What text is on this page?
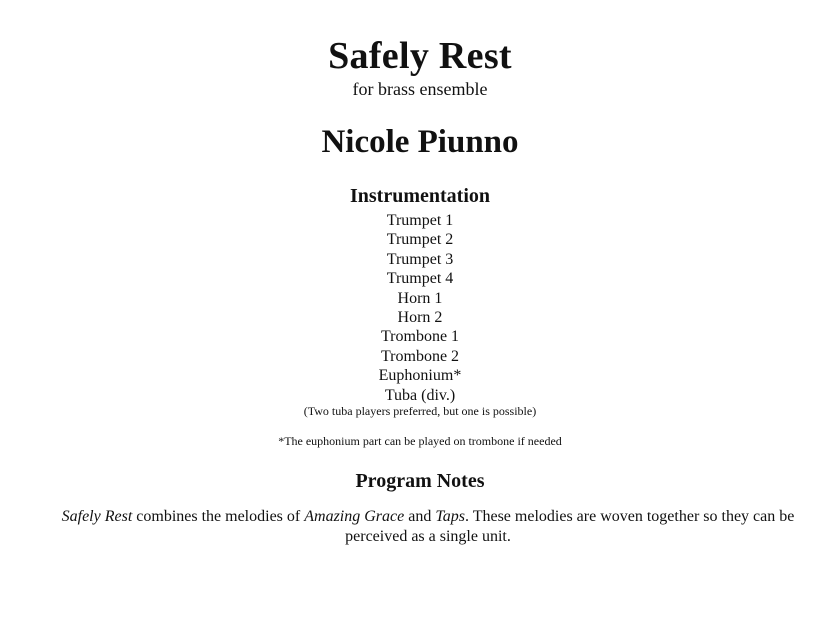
Safely Rest
for brass ensemble
Nicole Piunno
Instrumentation
Trumpet 1
Trumpet 2
Trumpet 3
Trumpet 4
Horn 1
Horn 2
Trombone 1
Trombone 2
Euphonium*
Tuba (div.)
(Two tuba players preferred, but one is possible)
*The euphonium part can be played on trombone if needed
Program Notes

Safely Rest combines the melodies of Amazing Grace and Taps. These melodies are woven together so they can be perceived as a single unit.
